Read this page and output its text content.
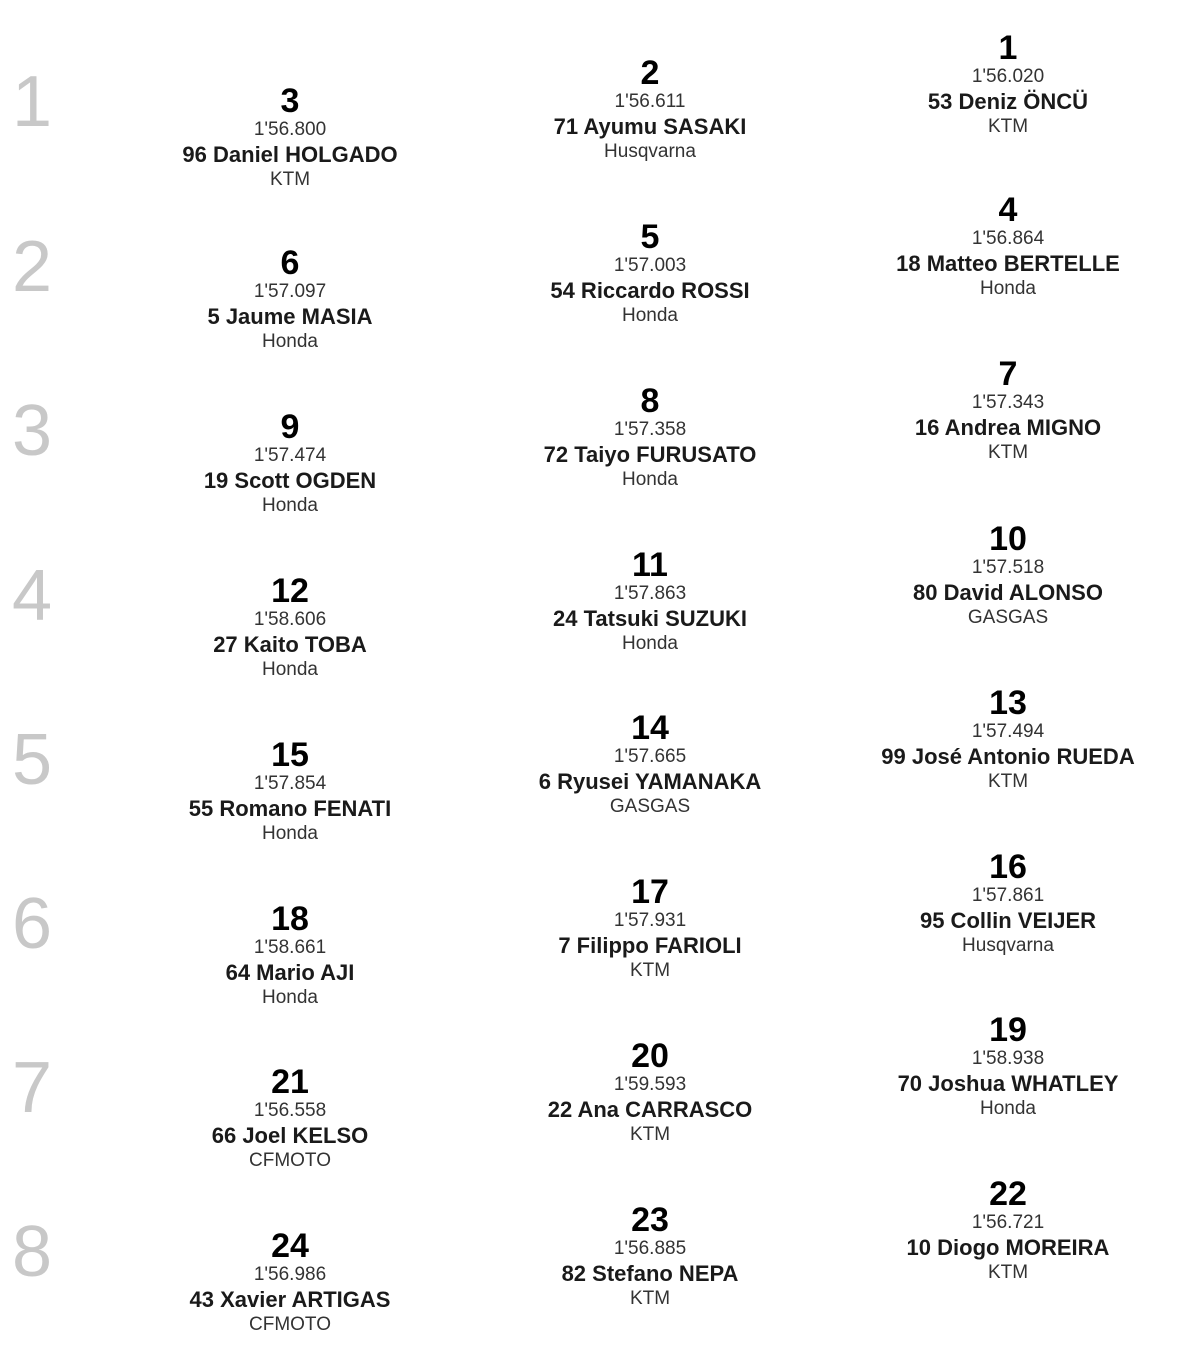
1	3
1'56.800
96 Daniel HOLGADO
KTM
2
1'56.611
71 Ayumu SASAKI
Husqvarna
1
1'56.020
53 Deniz ÖNCÜ
KTM
2	6
1'57.097
5 Jaume MASIA
Honda
5
1'57.003
54 Riccardo ROSSI
Honda
4
1'56.864
18 Matteo BERTELLE
Honda
3	9
1'57.474
19 Scott OGDEN
Honda
8
1'57.358
72 Taiyo FURUSATO
Honda
7
1'57.343
16 Andrea MIGNO
KTM
4	12
1'58.606
27 Kaito TOBA
Honda
11
1'57.863
24 Tatsuki SUZUKI
Honda
10
1'57.518
80 David ALONSO
GASGAS
5	15
1'57.854
55 Romano FENATI
Honda
14
1'57.665
6 Ryusei YAMANAKA
GASGAS
13
1'57.494
99 José Antonio RUEDA
KTM
6	18
1'58.661
64 Mario AJI
Honda
17
1'57.931
7 Filippo FARIOLI
KTM
16
1'57.861
95 Collin VEIJER
Husqvarna
7	21
1'56.558
66 Joel KELSO
CFMOTO
20
1'59.593
22 Ana CARRASCO
KTM
19
1'58.938
70 Joshua WHATLEY
Honda
8	24
1'56.986
43 Xavier ARTIGAS
CFMOTO
23
1'56.885
82 Stefano NEPA
KTM
22
1'56.721
10 Diogo MOREIRA
KTM
